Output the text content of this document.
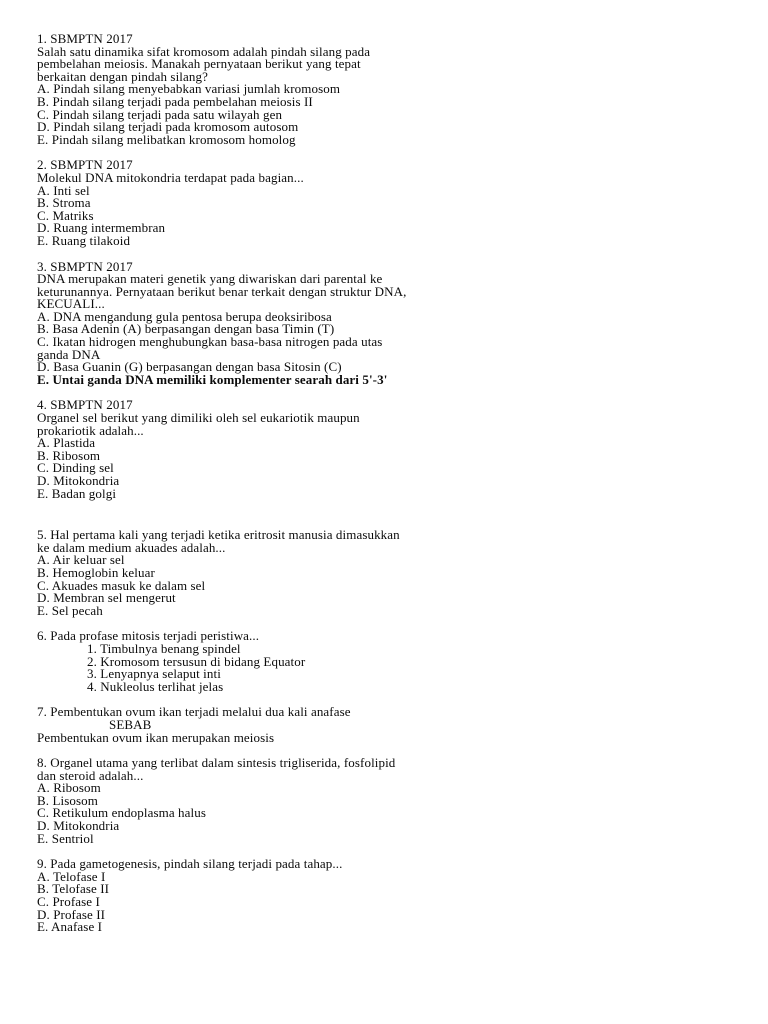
1. SBMPTN 2017
Salah satu dinamika sifat kromosom adalah pindah silang pada
pembelahan meiosis. Manakah pernyataan berikut yang tepat
berkaitan dengan pindah silang?
A. Pindah silang menyebabkan variasi jumlah kromosom
B. Pindah silang terjadi pada pembelahan meiosis II
C. Pindah silang terjadi pada satu wilayah gen
D. Pindah silang terjadi pada kromosom autosom
E. Pindah silang melibatkan kromosom homolog
2. SBMPTN 2017
Molekul DNA mitokondria terdapat pada bagian...
A. Inti sel
B. Stroma
C. Matriks
D. Ruang intermembran
E. Ruang tilakoid
3. SBMPTN 2017
DNA merupakan materi genetik yang diwariskan dari parental ke
keturunannya. Pernyataan berikut benar terkait dengan struktur DNA,
KECUALI...
A. DNA mengandung gula pentosa berupa deoksiribosa
B. Basa Adenin (A) berpasangan dengan basa Timin (T)
C. Ikatan hidrogen menghubungkan basa-basa nitrogen pada utas
ganda DNA
D. Basa Guanin (G) berpasangan dengan basa Sitosin (C)
E. Untai ganda DNA memiliki komplementer searah dari 5'-3'
4. SBMPTN 2017
Organel sel berikut yang dimiliki oleh sel eukariotik maupun
prokariotik adalah...
A. Plastida
B. Ribosom
C. Dinding sel
D. Mitokondria
E. Badan golgi
5. Hal pertama kali yang terjadi ketika eritrosit manusia dimasukkan
ke dalam medium akuades adalah...
A. Air keluar sel
B. Hemoglobin keluar
C. Akuades masuk ke dalam sel
D. Membran sel mengerut
E. Sel pecah
6. Pada profase mitosis terjadi peristiwa...
1. Timbulnya benang spindel
2. Kromosom tersusun di bidang Equator
3. Lenyapnya selaput inti
4. Nukleolus terlihat jelas
7. Pembentukan ovum ikan terjadi melalui dua kali anafase
SEBAB
Pembentukan ovum ikan merupakan meiosis
8. Organel utama yang terlibat dalam sintesis trigliserida, fosfolipid
dan steroid adalah...
A. Ribosom
B. Lisosom
C. Retikulum endoplasma halus
D. Mitokondria
E. Sentriol
9. Pada gametogenesis, pindah silang terjadi pada tahap...
A. Telofase I
B. Telofase II
C. Profase I
D. Profase II
E. Anafase I
